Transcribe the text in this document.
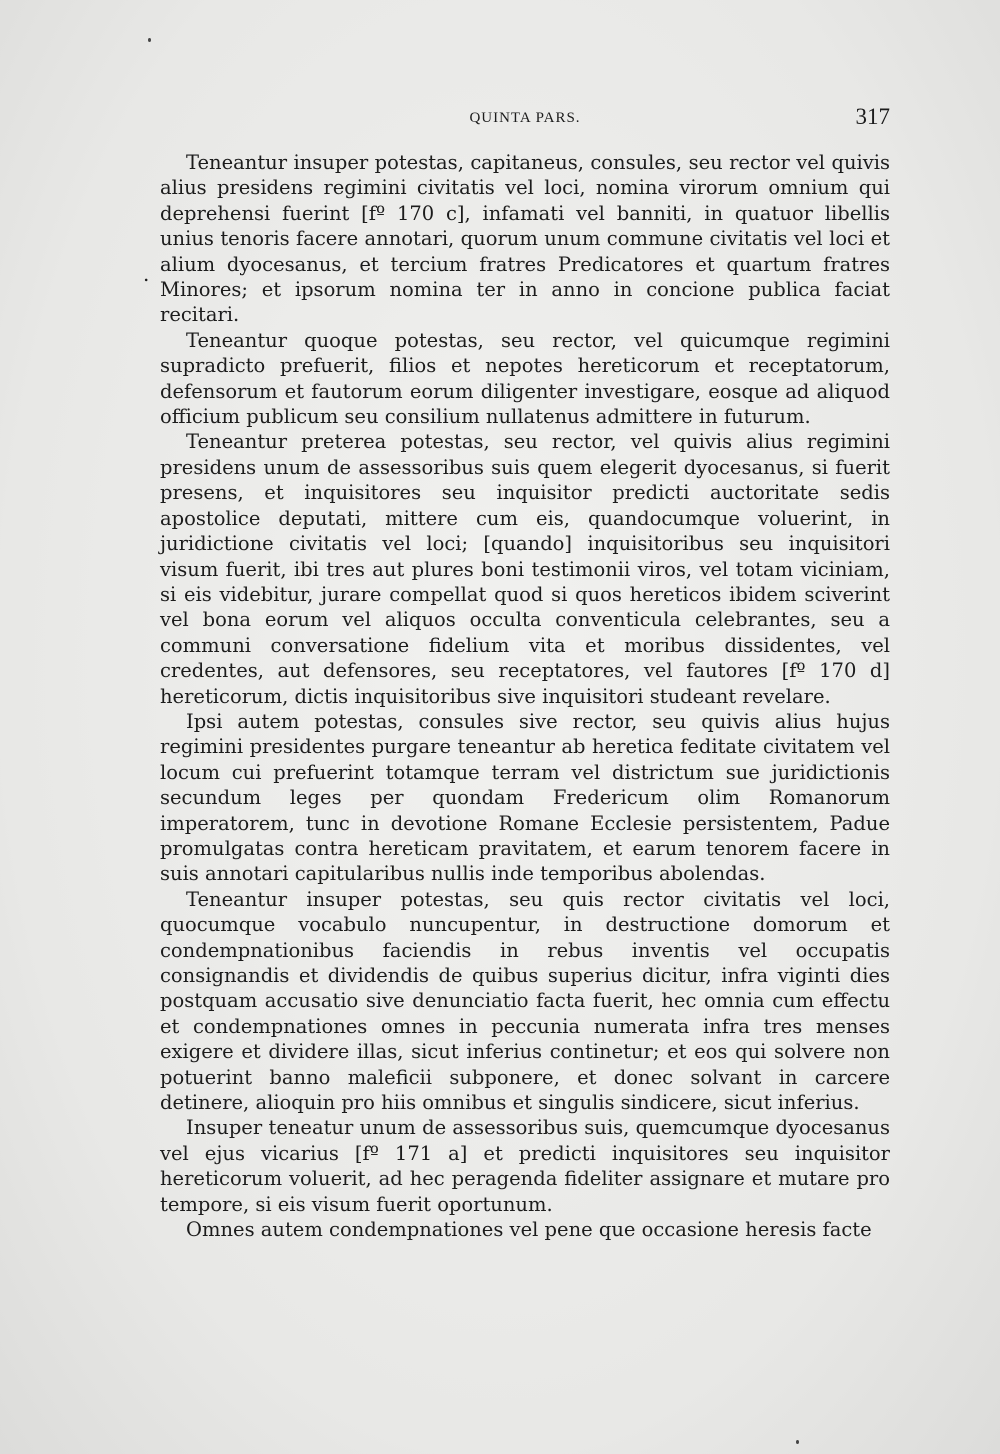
QUINTA PARS.	317
.

Teneantur insuper potestas, capitaneus, consules, seu rector vel quivis alius presidens regimini civitatis vel loci, nomina virorum omnium qui deprehensi fuerint [fº 170 c], infamati vel banniti, in quatuor libellis unius tenoris facere annotari, quorum unum commune civitatis vel loci et alium dyocesanus, et tercium fratres Predicatores et quartum fratres Minores; et ipsorum nomina ter in anno in concione publica faciat recitari.

Teneantur quoque potestas, seu rector, vel quicumque regimini supradicto prefuerit, filios et nepotes hereticorum et receptatorum, defensorum et fautorum eorum diligenter investigare, eosque ad aliquod officium publicum seu consilium nullatenus admittere in futurum.

Teneantur preterea potestas, seu rector, vel quivis alius regimini presidens unum de assessoribus suis quem elegerit dyocesanus, si fuerit presens, et inquisitores seu inquisitor predicti auctoritate sedis apostolice deputati, mittere cum eis, quandocumque voluerint, in juridictione civitatis vel loci; [quando] inquisitoribus seu inquisitori visum fuerit, ibi tres aut plures boni testimonii viros, vel totam viciniam, si eis videbitur, jurare compellat quod si quos hereticos ibidem sciverint vel bona eorum vel aliquos occulta conventicula celebrantes, seu a communi conversatione fidelium vita et moribus dissidentes, vel credentes, aut defensores, seu receptatores, vel fautores [fº 170 d] hereticorum, dictis inquisitoribus sive inquisitori studeant revelare.

Ipsi autem potestas, consules sive rector, seu quivis alius hujus regimini presidentes purgare teneantur ab heretica feditate civitatem vel locum cui prefuerint totamque terram vel districtum sue juridictionis secundum leges per quondam Fredericum olim Romanorum imperatorem, tunc in devotione Romane Ecclesie persistentem, Padue promulgatas contra hereticam pravitatem, et earum tenorem facere in suis annotari capitularibus nullis inde temporibus abolendas.

Teneantur insuper potestas, seu quis rector civitatis vel loci, quocumque vocabulo nuncupentur, in destructione domorum et condempnationibus faciendis in rebus inventis vel occupatis consignandis et dividendis de quibus superius dicitur, infra viginti dies postquam accusatio sive denunciatio facta fuerit, hec omnia cum effectu et condempnationes omnes in peccunia numerata infra tres menses exigere et dividere illas, sicut inferius continetur; et eos qui solvere non potuerint banno maleficii subponere, et donec solvant in carcere detinere, alioquin pro hiis omnibus et singulis sindicere, sicut inferius.

Insuper teneatur unum de assessoribus suis, quemcumque dyocesanus vel ejus vicarius [fº 171 a] et predicti inquisitores seu inquisitor hereticorum voluerit, ad hec peragenda fideliter assignare et mutare pro tempore, si eis visum fuerit oportunum.

Omnes autem condempnationes vel pene que occasione heresis facte
